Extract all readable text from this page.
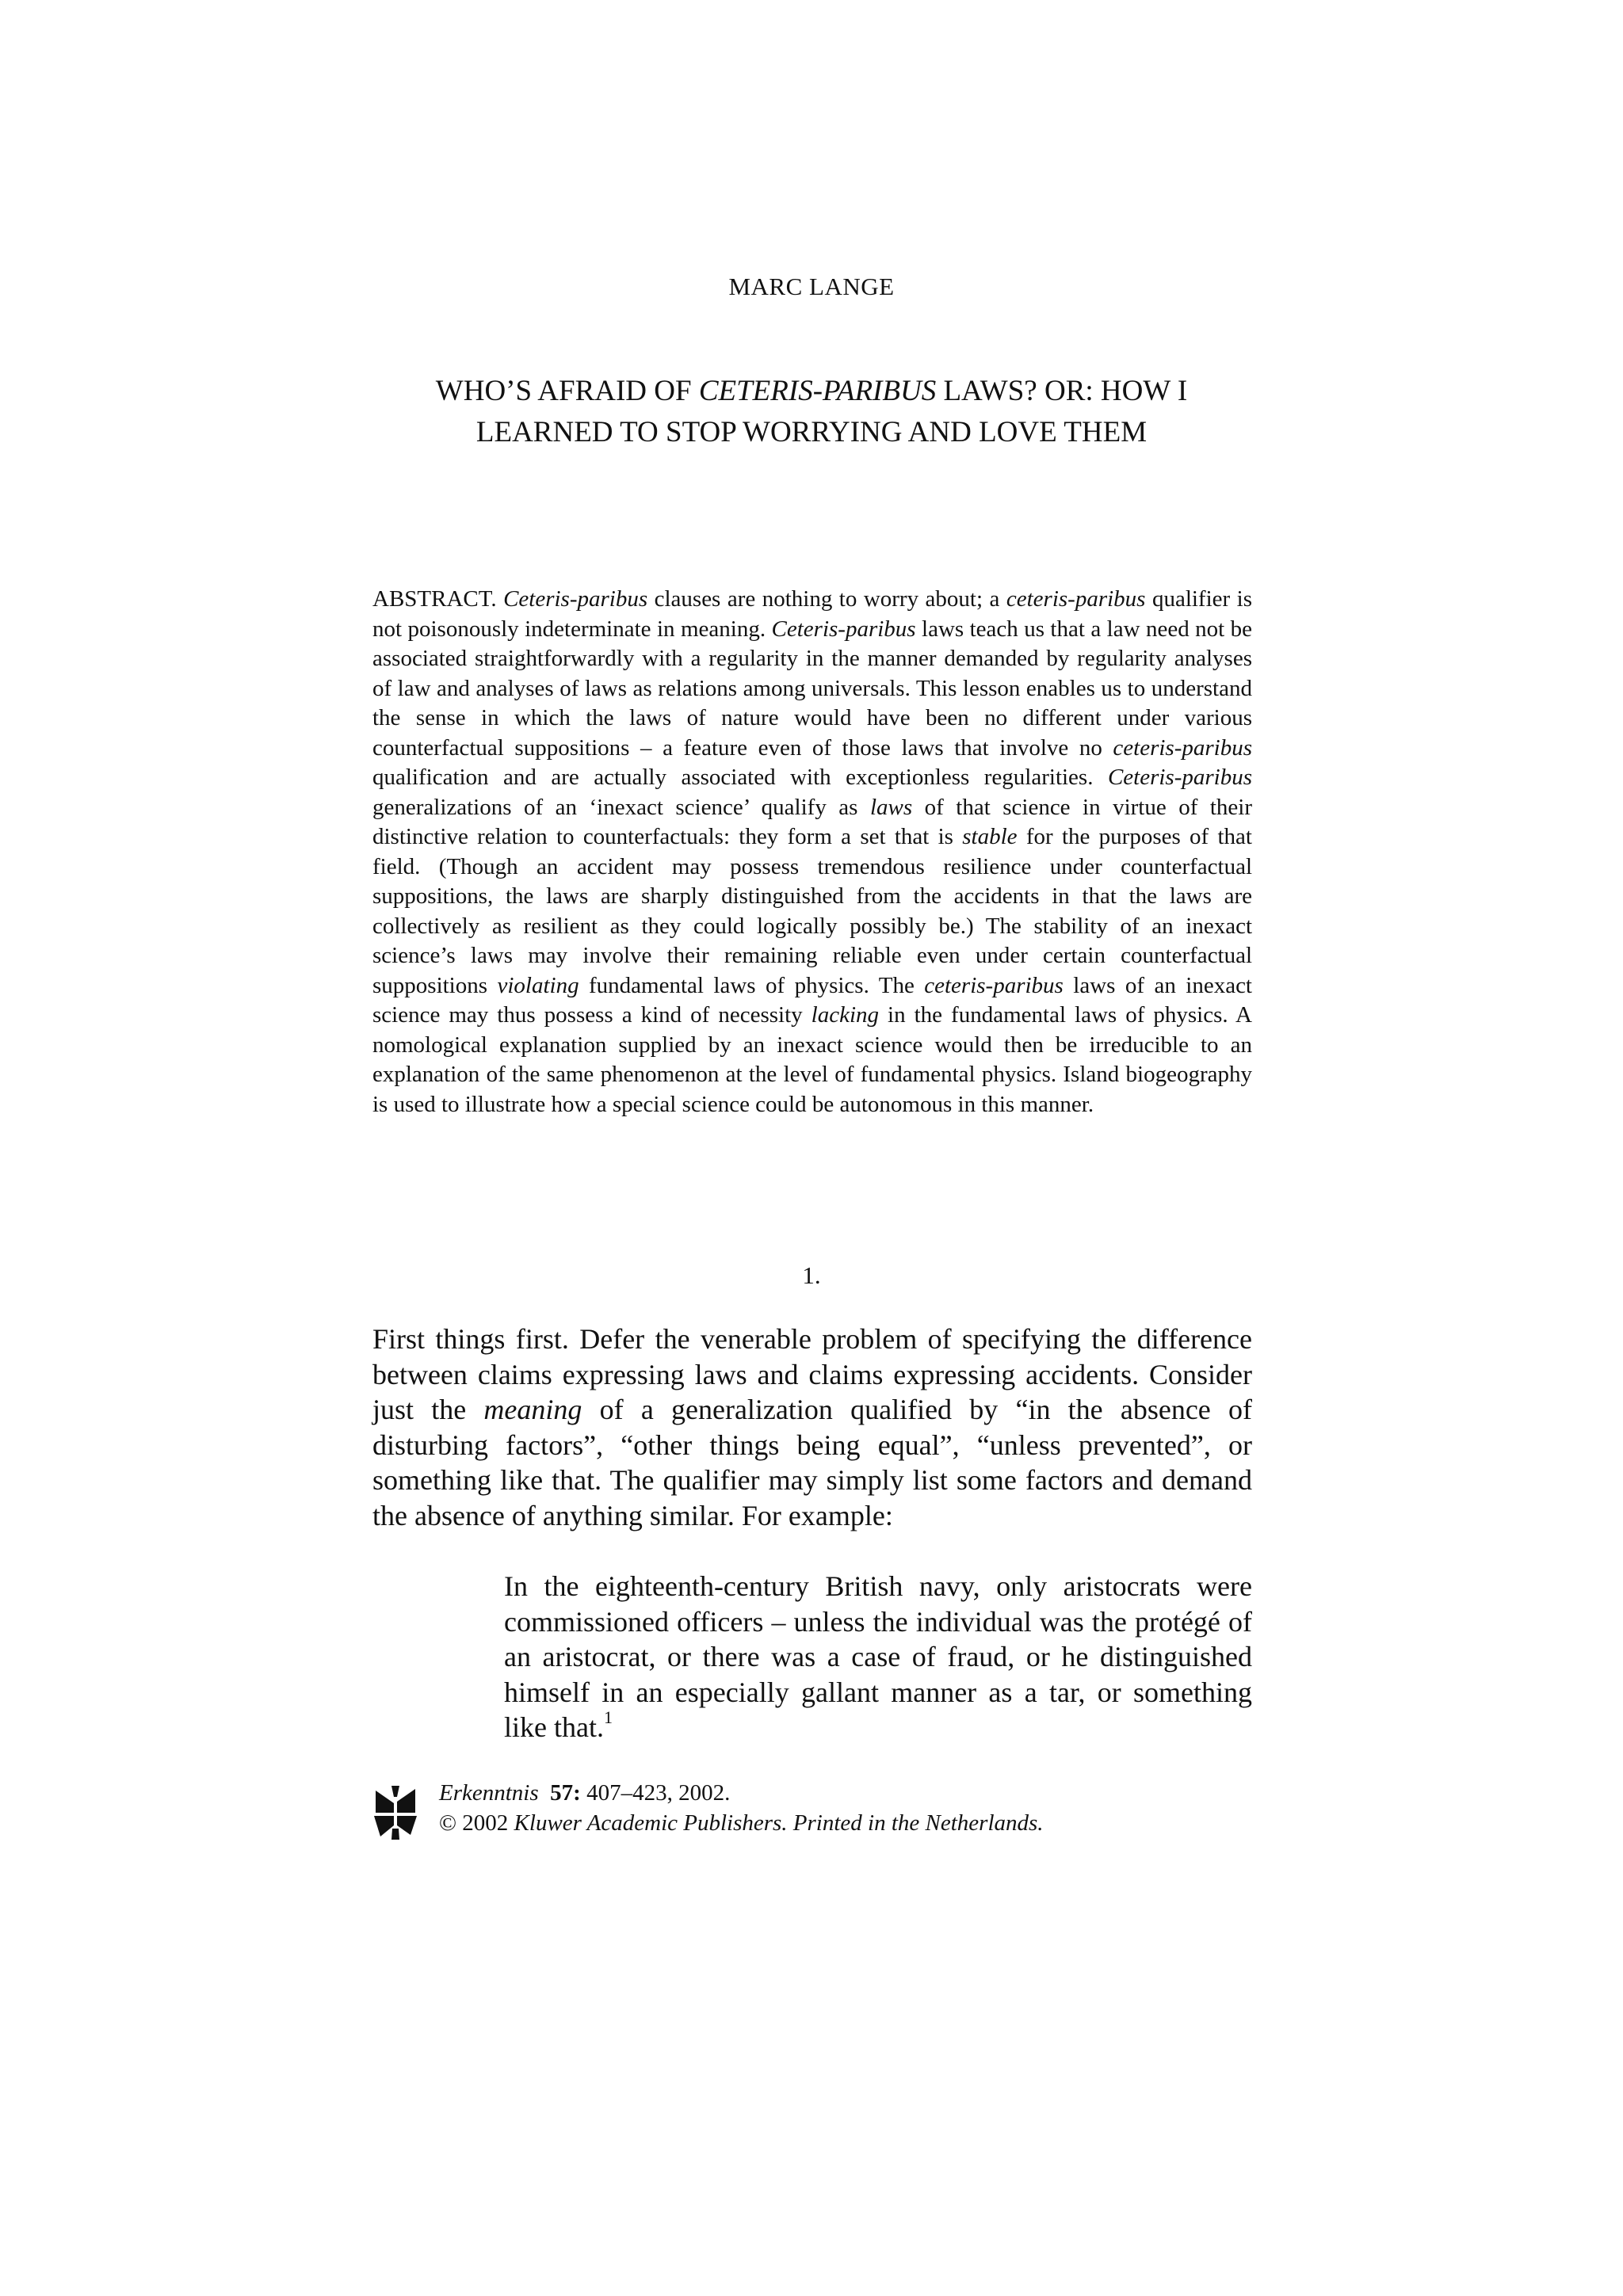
MARC LANGE
WHO’S AFRAID OF CETERIS-PARIBUS LAWS? OR: HOW I
LEARNED TO STOP WORRYING AND LOVE THEM
ABSTRACT. Ceteris-paribus clauses are nothing to worry about; a ceteris-paribus qualifier is not poisonously indeterminate in meaning. Ceteris-paribus laws teach us that a law need not be associated straightforwardly with a regularity in the manner demanded by regularity analyses of law and analyses of laws as relations among universals. This lesson enables us to understand the sense in which the laws of nature would have been no different under various counterfactual suppositions – a feature even of those laws that involve no ceteris-paribus qualification and are actually associated with exceptionless regularities. Ceteris-paribus generalizations of an ‘inexact science’ qualify as laws of that science in virtue of their distinctive relation to counterfactuals: they form a set that is stable for the purposes of that field. (Though an accident may possess tremendous resilience under counterfactual suppositions, the laws are sharply distinguished from the accidents in that the laws are collectively as resilient as they could logically possibly be.) The stability of an inexact science’s laws may involve their remaining reliable even under certain counterfactual suppositions violating fundamental laws of physics. The ceteris-paribus laws of an inexact science may thus possess a kind of necessity lacking in the fundamental laws of physics. A nomological explanation supplied by an inexact science would then be irreducible to an explanation of the same phenomenon at the level of fundamental physics. Island biogeography is used to illustrate how a special science could be autonomous in this manner.
1.
First things first. Defer the venerable problem of specifying the difference between claims expressing laws and claims expressing accidents. Consider just the meaning of a generalization qualified by “in the absence of disturbing factors”, “other things being equal”, “unless prevented”, or something like that. The qualifier may simply list some factors and demand the absence of anything similar. For example:
In the eighteenth-century British navy, only aristocrats were commissioned officers – unless the individual was the protégé of an aristocrat, or there was a case of fraud, or he distinguished himself in an especially gallant manner as a tar, or something like that.$^1$
Erkenntnis 57: 407–423, 2002.
© 2002 Kluwer Academic Publishers. Printed in the Netherlands.
